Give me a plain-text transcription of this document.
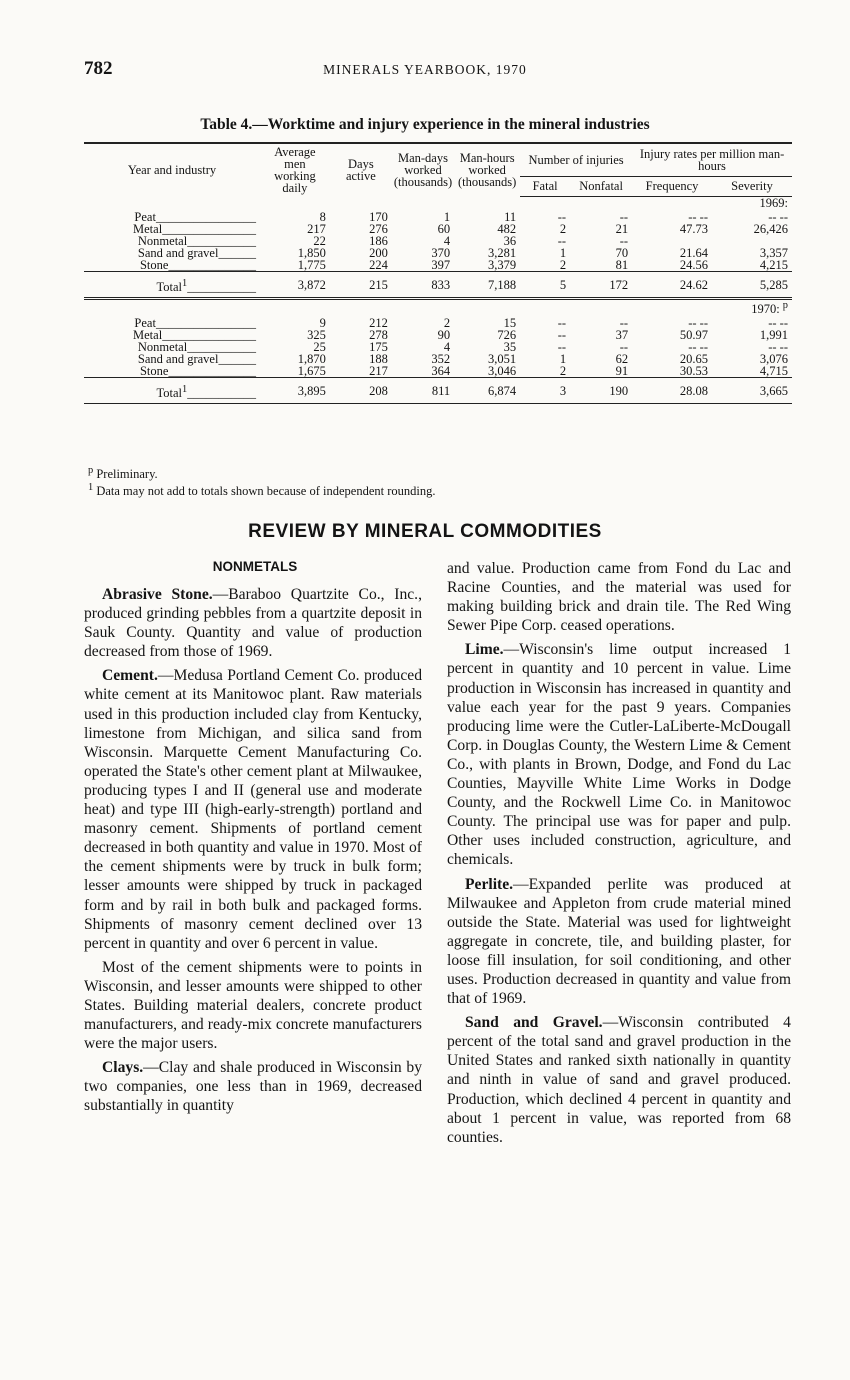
782	MINERALS YEARBOOK, 1970
Table 4.—Worktime and injury experience in the mineral industries
Year and industry	Average men working daily	Days active	Man-days worked (thousands)	Man-hours worked (thousands)	Number of injuries		Injury rates per million man-hours	
					Fatal	Nonfatal	Frequency	Severity
1969:								
Peat________________	8	170	1	11	--	--	-- --	-- --
Metal_______________	217	276	60	482	2	21	47.73	26,426
Nonmetal___________	22	186	4	36	--	--		
Sand and gravel______	1,850	200	370	3,281	1	70	21.64	3,357
Stone______________	1,775	224	397	3,379	2	81	24.56	4,215
Total$^1$___________	3,872	215	833	7,188	5	172	24.62	5,285
1970: $^p$
Peat________________	9	212	2	15	--	--	-- --	-- --
Metal_______________	325	278	90	726	--	37	50.97	1,991
Nonmetal___________	25	175	4	35	--	--	-- --	-- --
Sand and gravel______	1,870	188	352	3,051	1	62	20.65	3,076
Stone______________	1,675	217	364	3,046	2	91	30.53	4,715
Total$^1$___________	3,895	208	811	6,874	3	190	28.08	3,665
$^p$ Preliminary.
$^1$ Data may not add to totals shown because of independent rounding.
REVIEW BY MINERAL COMMODITIES
NONMETALS

Abrasive Stone.—Baraboo Quartzite Co., Inc., produced grinding pebbles from a quartzite deposit in Sauk County. Quantity and value of production decreased from those of 1969.

Cement.—Medusa Portland Cement Co. produced white cement at its Manitowoc plant. Raw materials used in this production included clay from Kentucky, limestone from Michigan, and silica sand from Wisconsin. Marquette Cement Manufacturing Co. operated the State's other cement plant at Milwaukee, producing types I and II (general use and moderate heat) and type III (high-early-strength) portland and masonry cement. Shipments of portland cement decreased in both quantity and value in 1970. Most of the cement shipments were by truck in bulk form; lesser amounts were shipped by truck in packaged form and by rail in both bulk and packaged forms. Shipments of masonry cement declined over 13 percent in quantity and over 6 percent in value.

Most of the cement shipments were to points in Wisconsin, and lesser amounts were shipped to other States. Building material dealers, concrete product manufacturers, and ready-mix concrete manufacturers were the major users.

Clays.—Clay and shale produced in Wisconsin by two companies, one less than in 1969, decreased substantially in quantity

and value. Production came from Fond du Lac and Racine Counties, and the material was used for making building brick and drain tile. The Red Wing Sewer Pipe Corp. ceased operations.

Lime.—Wisconsin's lime output increased 1 percent in quantity and 10 percent in value. Lime production in Wisconsin has increased in quantity and value each year for the past 9 years. Companies producing lime were the Cutler-LaLiberte-McDougall Corp. in Douglas County, the Western Lime & Cement Co., with plants in Brown, Dodge, and Fond du Lac Counties, Mayville White Lime Works in Dodge County, and the Rockwell Lime Co. in Manitowoc County. The principal use was for paper and pulp. Other uses included construction, agriculture, and chemicals.

Perlite.—Expanded perlite was produced at Milwaukee and Appleton from crude material mined outside the State. Material was used for lightweight aggregate in concrete, tile, and building plaster, for loose fill insulation, for soil conditioning, and other uses. Production decreased in quantity and value from that of 1969.

Sand and Gravel.—Wisconsin contributed 4 percent of the total sand and gravel production in the United States and ranked sixth nationally in quantity and ninth in value of sand and gravel produced. Production, which declined 4 percent in quantity and about 1 percent in value, was reported from 68 counties.
